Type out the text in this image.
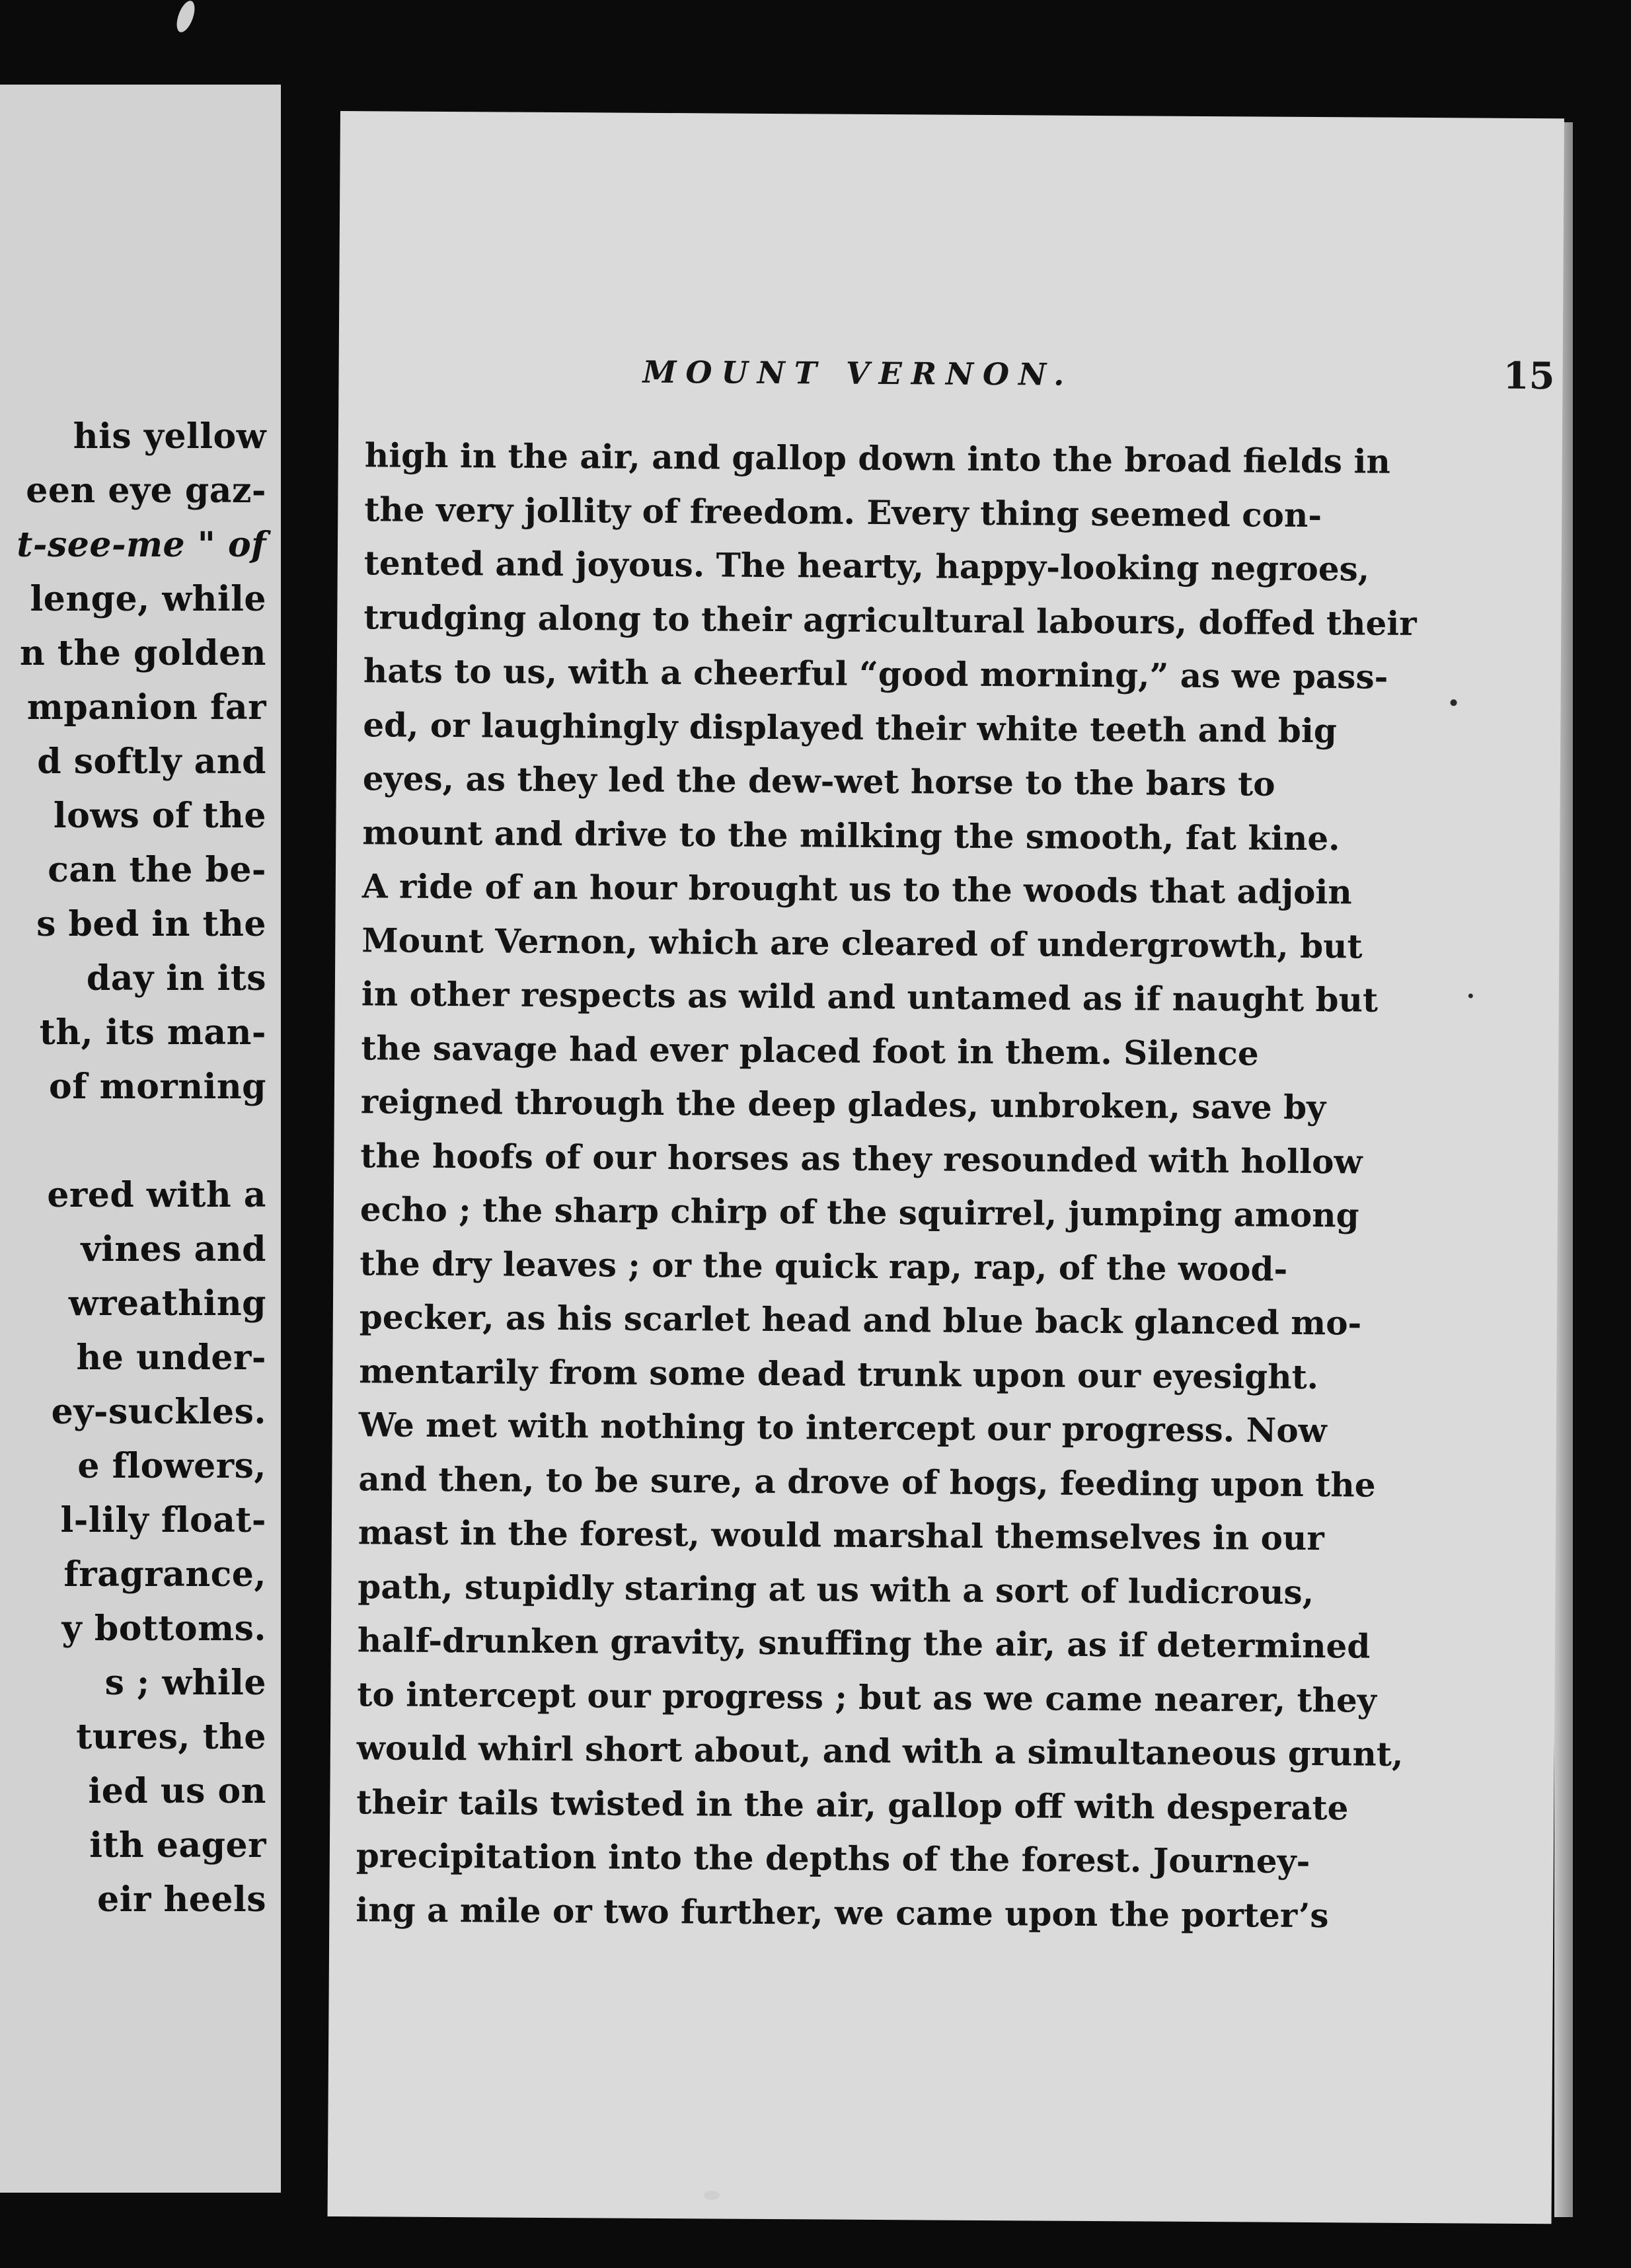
his yellow

een eye gaz-

t-see-me " of

lenge, while

n the golden

mpanion far

d softly and

lows of the

can the be-

s bed in the

day in its

th, its man-

of morning

ered with a

vines and

wreathing

he under-

ey-suckles.

e flowers,

l-lily float-

fragrance,

y bottoms.

s ; while

tures, the

ied us on

ith eager

eir heels

MOUNT VERNON.	15
high in the air, and gallop down into the broad fields in
the very jollity of freedom. Every thing seemed con-
tented and joyous. The hearty, happy-looking negroes,
trudging along to their agricultural labours, doffed their
hats to us, with a cheerful “good morning,” as we pass-
ed, or laughingly displayed their white teeth and big
eyes, as they led the dew-wet horse to the bars to
mount and drive to the milking the smooth, fat kine.
A ride of an hour brought us to the woods that adjoin
Mount Vernon, which are cleared of undergrowth, but
in other respects as wild and untamed as if naught but
the savage had ever placed foot in them. Silence
reigned through the deep glades, unbroken, save by
the hoofs of our horses as they resounded with hollow
echo ; the sharp chirp of the squirrel, jumping among
the dry leaves ; or the quick rap, rap, of the wood-
pecker, as his scarlet head and blue back glanced mo-
mentarily from some dead trunk upon our eyesight.
We met with nothing to intercept our progress. Now
and then, to be sure, a drove of hogs, feeding upon the
mast in the forest, would marshal themselves in our
path, stupidly staring at us with a sort of ludicrous,
half-drunken gravity, snuffing the air, as if determined
to intercept our progress ; but as we came nearer, they
would whirl short about, and with a simultaneous grunt,
their tails twisted in the air, gallop off with desperate
precipitation into the depths of the forest. Journey-
ing a mile or two further, we came upon the porter’s
